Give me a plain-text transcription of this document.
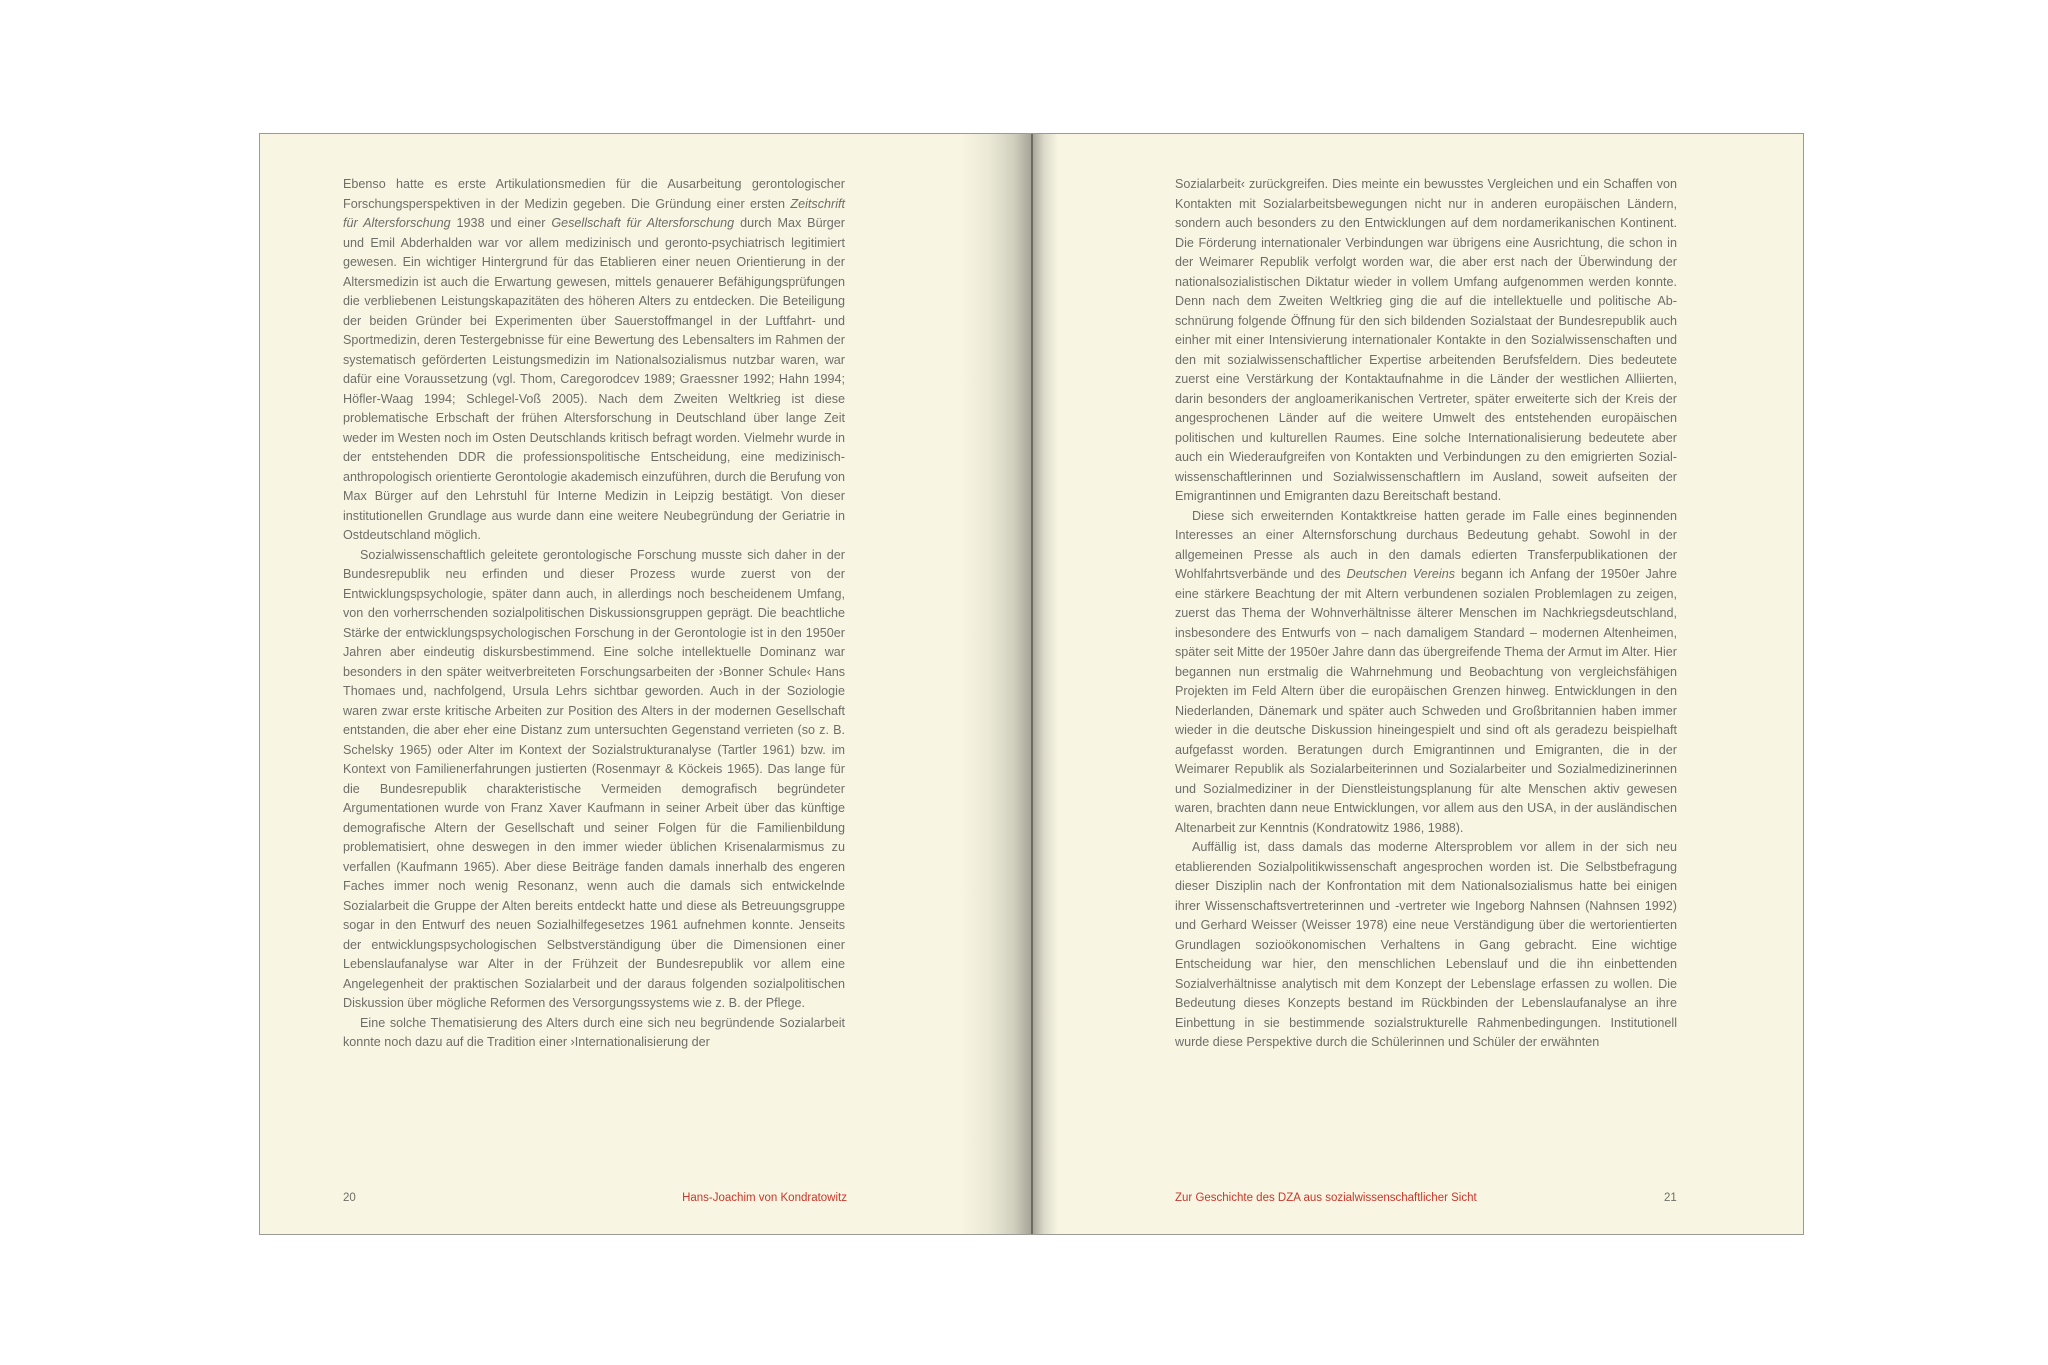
Ebenso hatte es erste Artikulationsmedien für die Ausarbeitung gerontologischer Forschungsperspektiven in der Medizin gegeben. Die Gründung einer ersten Zeitschrift für Altersforschung 1938 und einer Gesellschaft für Altersforschung durch Max Bürger und Emil Abderhalden war vor allem medizinisch und geronto-psychiatrisch legitimiert gewesen. Ein wichtiger Hintergrund für das Etablieren einer neuen Orientierung in der Altersmedizin ist auch die Erwartung gewesen, mittels genauerer Befähigungsprüfungen die verbliebenen Leistungskapazitäten des höheren Alters zu entdecken. Die Beteiligung der beiden Gründer bei Experimenten über Sauerstoffmangel in der Luftfahrt- und Sportmedizin, deren Testergebnisse für eine Bewertung des Lebensalters im Rahmen der systematisch geförderten Leistungsmedizin im Nationalsozialismus nutzbar waren, war dafür eine Voraussetzung (vgl. Thom, Caregorodcev 1989; Graessner 1992; Hahn 1994; Höfler-Waag 1994; Schlegel-Voß 2005). Nach dem Zweiten Weltkrieg ist diese problematische Erbschaft der frühen Altersforschung in Deutschland über lange Zeit weder im Westen noch im Osten Deutschlands kritisch befragt worden. Vielmehr wurde in der entstehenden DDR die professionspolitische Entscheidung, eine medizinisch-anthropologisch orientierte Gerontologie akademisch einzuführen, durch die Berufung von Max Bürger auf den Lehrstuhl für Interne Medizin in Leipzig bestätigt. Von dieser institutionellen Grundlage aus wurde dann eine weitere Neubegründung der Geriatrie in Ostdeutschland möglich.

Sozialwissenschaftlich geleitete gerontologische Forschung musste sich daher in der Bundesrepublik neu erfinden und dieser Prozess wurde zuerst von der Entwicklungspsychologie, später dann auch, in allerdings noch bescheidenem Umfang, von den vorherrschenden sozialpolitischen Diskussionsgruppen geprägt. Die beachtliche Stärke der entwicklungspsychologischen Forschung in der Gerontologie ist in den 1950er Jahren aber eindeutig diskursbestimmend. Eine solche intellektuelle Dominanz war besonders in den später weitverbreiteten Forschungsarbeiten der ›Bonner Schule‹ Hans Thomaes und, nachfolgend, Ursula Lehrs sichtbar geworden. Auch in der Soziologie waren zwar erste kritische Arbeiten zur Position des Alters in der modernen Gesellschaft entstanden, die aber eher eine Distanz zum untersuchten Gegenstand verrieten (so z. B. Schelsky 1965) oder Alter im Kontext der Sozialstrukturanalyse (Tartler 1961) bzw. im Kontext von Familienerfahrungen justierten (Rosenmayr & Köckeis 1965). Das lange für die Bundesrepublik charakteristische Vermeiden demografisch begründeter Argumentationen wurde von Franz Xaver Kaufmann in seiner Arbeit über das künftige demografische Altern der Gesellschaft und seiner Folgen für die Familienbildung problematisiert, ohne deswegen in den immer wieder üblichen Krisenalarmismus zu verfallen (Kaufmann 1965). Aber diese Beiträge fanden damals innerhalb des engeren Faches immer noch wenig Resonanz, wenn auch die damals sich entwickelnde Sozialarbeit die Gruppe der Alten bereits entdeckt hatte und diese als Betreuungsgruppe sogar in den Entwurf des neuen Sozialhilfegesetzes 1961 aufnehmen konnte. Jenseits der entwicklungspsychologischen Selbstverständigung über die Dimensionen einer Lebenslaufanalyse war Alter in der Frühzeit der Bundesrepublik vor allem eine Angelegenheit der praktischen Sozialarbeit und der daraus folgenden sozialpolitischen Diskussion über mögliche Reformen des Versorgungssystems wie z. B. der Pflege.

Eine solche Thematisierung des Alters durch eine sich neu begründende Sozialarbeit konnte noch dazu auf die Tradition einer ›Internationalisierung der

20	Hans-Joachim von Kondratowitz

Sozialarbeit‹ zurückgreifen. Dies meinte ein bewusstes Vergleichen und ein Schaffen von Kontakten mit Sozialarbeitsbewegungen nicht nur in anderen europäischen Ländern, sondern auch besonders zu den Entwicklungen auf dem nordamerikanischen Kontinent. Die Förderung internationaler Verbindungen war übrigens eine Ausrichtung, die schon in der Weimarer Republik verfolgt worden war, die aber erst nach der Überwindung der nationalsozialistischen Diktatur wieder in vollem Umfang aufgenommen werden konnte. Denn nach dem Zweiten Weltkrieg ging die auf die intellektuelle und politische Abschnürung folgende Öffnung für den sich bildenden Sozialstaat der Bundesrepublik auch einher mit einer Intensivierung internationaler Kontakte in den Sozialwissenschaften und den mit sozialwissenschaftlicher Expertise arbeitenden Berufsfeldern. Dies bedeutete zuerst eine Verstärkung der Kontaktaufnahme in die Länder der westlichen Alliierten, darin besonders der angloamerikanischen Vertreter, später erweiterte sich der Kreis der angesprochenen Länder auf die weitere Umwelt des entstehenden europäischen politischen und kulturellen Raumes. Eine solche Internationalisierung bedeutete aber auch ein Wiederaufgreifen von Kontakten und Verbindungen zu den emigrierten Sozialwissenschaftlerinnen und Sozialwissenschaftlern im Ausland, soweit aufseiten der Emigrantinnen und Emigranten dazu Bereitschaft bestand.

Diese sich erweiternden Kontaktkreise hatten gerade im Falle eines beginnenden Interesses an einer Alternsforschung durchaus Bedeutung gehabt. Sowohl in der allgemeinen Presse als auch in den damals edierten Transferpublikationen der Wohlfahrtsverbände und des Deutschen Vereins begann ich Anfang der 1950er Jahre eine stärkere Beachtung der mit Altern verbundenen sozialen Problemlagen zu zeigen, zuerst das Thema der Wohnverhältnisse älterer Menschen im Nachkriegsdeutschland, insbesondere des Entwurfs von – nach damaligem Standard – modernen Altenheimen, später seit Mitte der 1950er Jahre dann das übergreifende Thema der Armut im Alter. Hier begannen nun erstmalig die Wahrnehmung und Beobachtung von vergleichsfähigen Projekten im Feld Altern über die europäischen Grenzen hinweg. Entwicklungen in den Niederlanden, Dänemark und später auch Schweden und Großbritannien haben immer wieder in die deutsche Diskussion hineingespielt und sind oft als geradezu beispielhaft aufgefasst worden. Beratungen durch Emigrantinnen und Emigranten, die in der Weimarer Republik als Sozialarbeiterinnen und Sozialarbeiter und Sozialmedizinerinnen und Sozialmediziner in der Dienstleistungsplanung für alte Menschen aktiv gewesen waren, brachten dann neue Entwicklungen, vor allem aus den USA, in der ausländischen Altenarbeit zur Kenntnis (Kondratowitz 1986, 1988).

Auffällig ist, dass damals das moderne Altersproblem vor allem in der sich neu etablierenden Sozialpolitikwissenschaft angesprochen worden ist. Die Selbstbefragung dieser Disziplin nach der Konfrontation mit dem Nationalsozialismus hatte bei einigen ihrer Wissenschaftsvertreterinnen und -vertreter wie Ingeborg Nahnsen (Nahnsen 1992) und Gerhard Weisser (Weisser 1978) eine neue Verständigung über die wertorientierten Grundlagen sozioökonomischen Verhaltens in Gang gebracht. Eine wichtige Entscheidung war hier, den menschlichen Lebenslauf und die ihn einbettenden Sozialverhältnisse analytisch mit dem Konzept der Lebenslage erfassen zu wollen. Die Bedeutung dieses Konzepts bestand im Rückbinden der Lebenslaufanalyse an ihre Einbettung in sie bestimmende sozialstrukturelle Rahmenbedingungen. Institutionell wurde diese Perspektive durch die Schülerinnen und Schüler der erwähnten

Zur Geschichte des DZA aus sozialwissenschaftlicher Sicht	21
